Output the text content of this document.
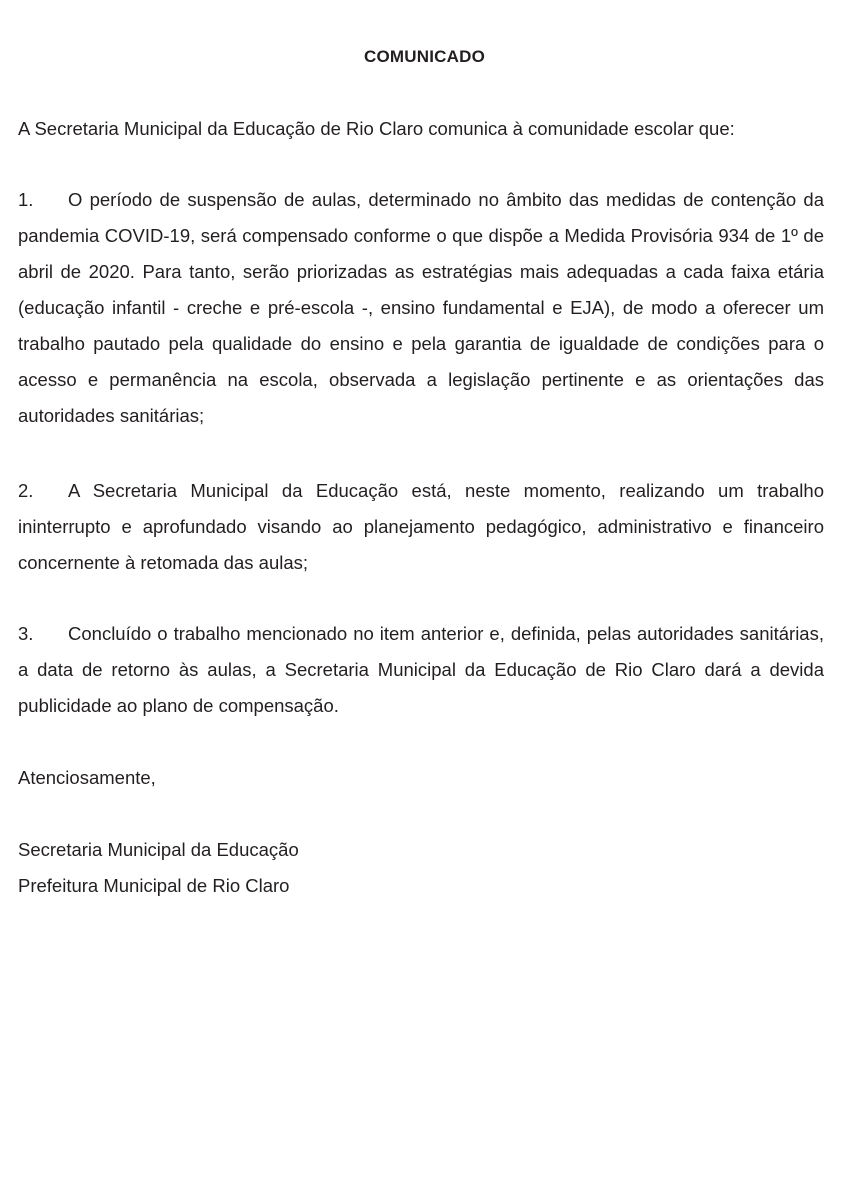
COMUNICADO
A Secretaria Municipal da Educação de Rio Claro comunica à comunidade escolar que:
1. O período de suspensão de aulas, determinado no âmbito das medidas de contenção da pandemia COVID-19, será compensado conforme o que dispõe a Medida Provisória 934 de 1º de abril de 2020. Para tanto, serão priorizadas as estratégias mais adequadas a cada faixa etária (educação infantil - creche e pré-escola -, ensino fundamental e EJA), de modo a oferecer um trabalho pautado pela qualidade do ensino e pela garantia de igualdade de condições para o acesso e permanência na escola, observada a legislação pertinente e as orientações das autoridades sanitárias;
2. A Secretaria Municipal da Educação está, neste momento, realizando um trabalho ininterrupto e aprofundado visando ao planejamento pedagógico, administrativo e financeiro concernente à retomada das aulas;
3. Concluído o trabalho mencionado no item anterior e, definida, pelas autoridades sanitárias, a data de retorno às aulas, a Secretaria Municipal da Educação de Rio Claro dará a devida publicidade ao plano de compensação.
Atenciosamente,
Secretaria Municipal da Educação
Prefeitura Municipal de Rio Claro
